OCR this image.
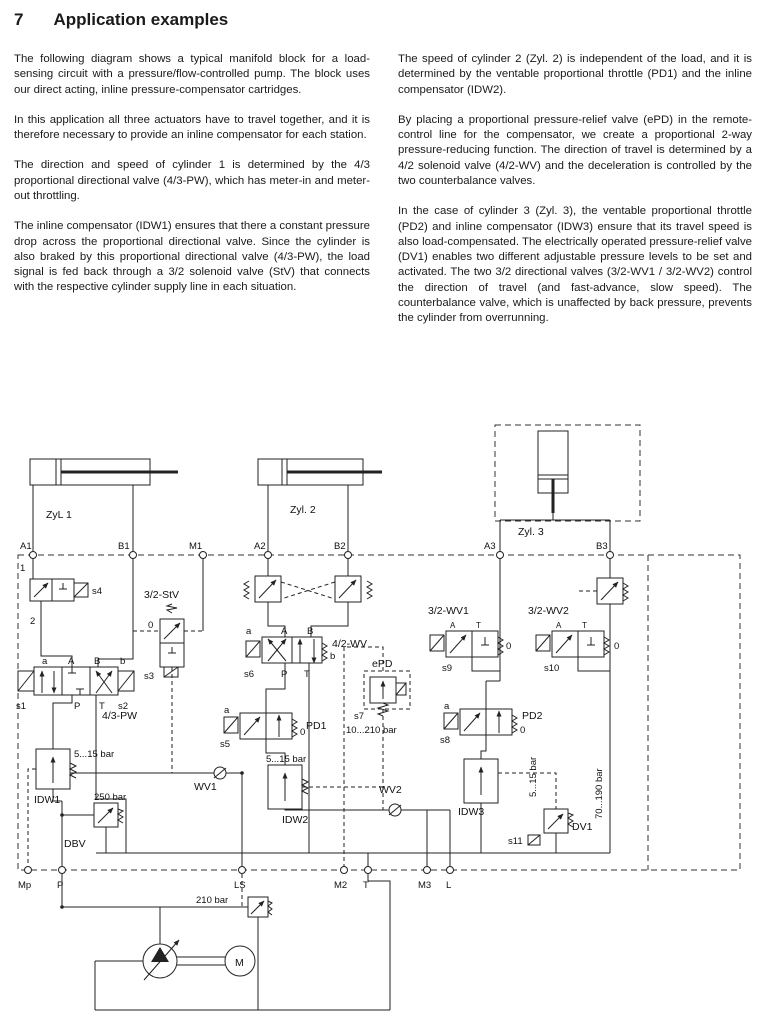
7 Application examples

The following diagram shows a typical manifold block for a load-sensing circuit with a pressure/flow-controlled pump. The block uses our direct acting, inline pressure-compensator cartridges.

In this application all three actuators have to travel together, and it is therefore necessary to provide an inline compensator for each station.

The direction and speed of cylinder 1 is determined by the 4/3 proportional directional valve (4/3-PW), which has meter-in and meter-out throttling.

The inline compensator (IDW1) ensures that there a constant pressure drop across the proportional directional valve. Since the cylinder is also braked by this proportional directional valve (4/3-PW), the load signal is fed back through a 3/2 solenoid valve (StV) that connects with the respective cylinder supply line in each situation.

The speed of cylinder 2 (Zyl. 2) is independent of the load, and it is determined by the ventable proportional throttle (PD1) and the inline compensator (IDW2).

By placing a proportional pressure-relief valve (ePD) in the remote-control line for the compensator, we create a proportional 2-way pressure-reducing function. The direction of travel is determined by a 4/2 solenoid valve (4/2-WV) and the deceleration is controlled by the two counterbalance valves.

In the case of cylinder 3 (Zyl. 3), the ventable proportional throttle (PD2) and inline compensator (IDW3) ensure that its travel speed is also load-compensated. The electrically operated pressure-relief valve (DV1) enables two different adjustable pressure levels to be set and activated. The two 3/2 directional valves (3/2-WV1 / 3/2-WV2) control the direction of travel (and fast-advance, slow speed). The counterbalance valve, which is unaffected by back pressure, prevents the cylinder from overrunning.

ZyL 1	Zyl. 2
Zyl. 3
A1	B1	M1	A2	B2	A3	B3
Mp	P	LS	M2 T	M3 L
1
2
s4	3/2-StV
0
s3
a A B b
s1	P T s2
4/3-PW
a	A B
b
s6	P T
4/2-WV
ePD
s7
10...210 bar
a
s5
0
PD1
3/2-WV1
A	T
s9
0
3/2-WV2
A	T
s10
0
a
s8
0
PD2
5...15 bar
IDW1
WV1
5...15 bar
IDW2
WV2	5...15 bar
IDW3
s11
DV1
70...190 bar
250 bar
DBV
210 bar
M
